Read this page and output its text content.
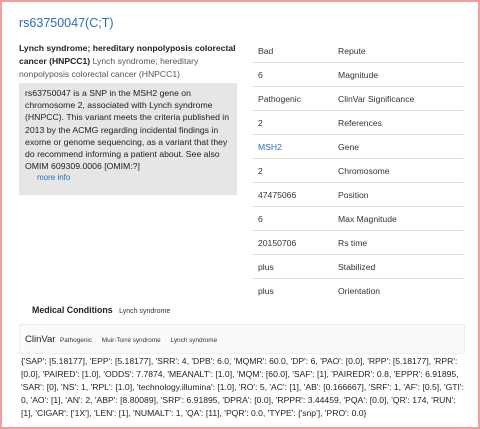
rs63750047(C;T)
Lynch syndrome; hereditary nonpolyposis colorectal cancer (HNPCC1) Lynch syndrome; hereditary nonpolyposis colorectal cancer (HNPCC1)
rs63750047 is a SNP in the MSH2 gene on chromosome 2, associated with Lynch syndrome (HNPCC). This variant meets the criteria published in 2013 by the ACMG regarding incidental findings in exome or genome sequencing, as a variant that they do recommend informing a patient about. See also OMIM 609309.0006 [OMIM:?]
more info
Bad	Repute
6	Magnitude
Pathogenic	ClinVar Significance
2	References
MSH2	Gene
2	Chromosome
47475066	Position
6	Max Magnitude
20150706	Rs time
plus	Stabilized
plus	Orientation
Medical Conditions Lynch syndrome
ClinVar Pathogenic Muir-Torré syndrome Lynch syndrome
{'SAP': [5.18177], 'EPP': [5.18177], 'SRR': 4, 'DPB': 6.0, 'MQMR': 60.0, 'DP': 6, 'PAO': [0.0], 'RPP': [5.18177], 'RPR': [0.0], 'PAIRED': [1.0], 'ODDS': 7.7874, 'MEANALT': [1.0], 'MQM': [60.0], 'SAF': [1], 'PAIREDR': 0.8, 'EPPR': 6.91895, 'SAR': [0], 'NS': 1, 'RPL': [1.0], 'technology.illumina': [1.0], 'RO': 5, 'AC': [1], 'AB': [0.166667], 'SRF': 1, 'AF': [0.5], 'GTI': 0, 'AO': [1], 'AN': 2, 'ABP': [8.80089], 'SRP': 6.91895, 'DPRA': [0.0], 'RPPR': 3.44459, 'PQA': [0.0], 'QR': 174, 'RUN': [1], 'CIGAR': ['1X'], 'LEN': [1], 'NUMALT': 1, 'QA': [11], 'PQR': 0.0, 'TYPE': ['snp'], 'PRO': 0.0}
